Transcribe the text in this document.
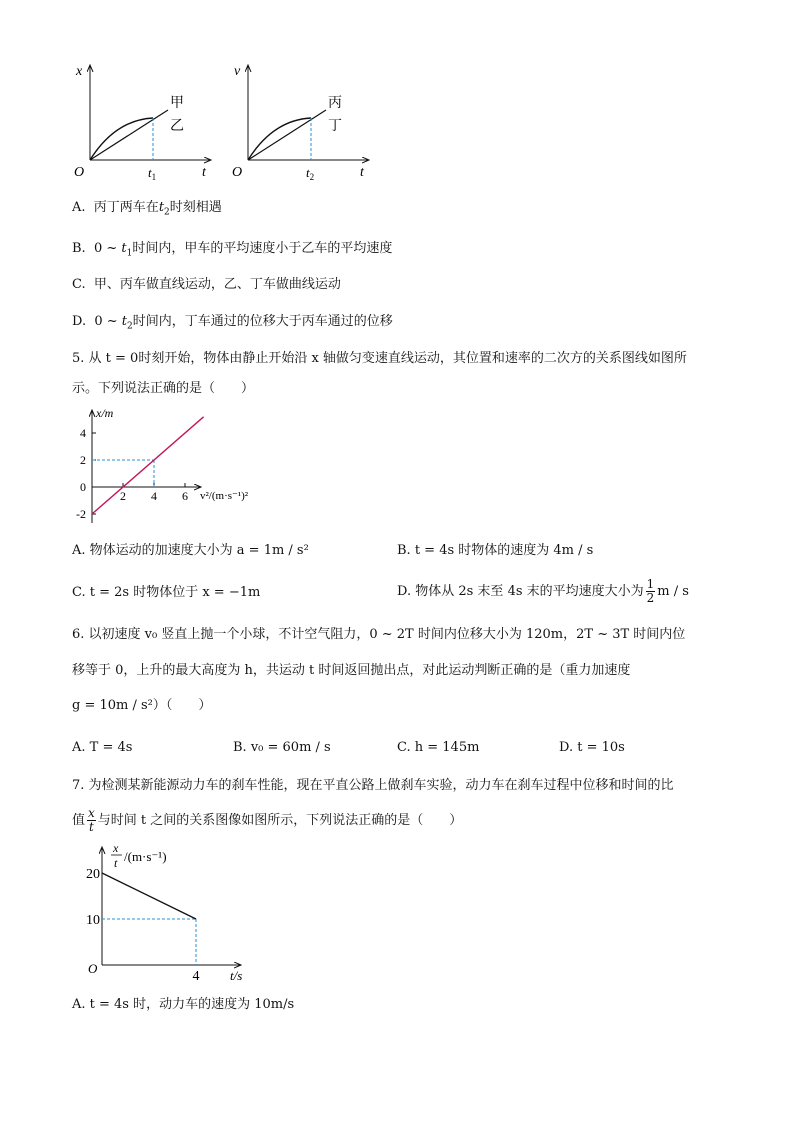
x
t
O
甲
乙
$t_1$
v
t
O
丙
丁
$t_2$
A. 丙丁两车在$t_2$时刻相遇
B. 0 ~ $t_1$时间内，甲车的平均速度小于乙车的平均速度
C. 甲、丙车做直线运动，乙、丁车做曲线运动
D. 0 ~ $t_2$时间内，丁车通过的位移大于丙车通过的位移
5. 从 t = 0时刻开始，物体由静止开始沿 x 轴做匀变速直线运动，其位置和速率的二次方的关系图线如图所
示。下列说法正确的是（　　）
4
2
0
-2
2 4 6
x/m
v²/(m·s⁻¹)²
A. 物体运动的加速度大小为 a = 1m / s²	B. t = 4s 时物体的速度为 4m / s
C. t = 2s 时物体位于 x = −1m	D. 物体从 2s 末至 4s 末的平均速度大小为 $\frac{1}{2}$ m / s
6. 以初速度 v₀ 竖直上抛一个小球，不计空气阻力，0 ~ 2T 时间内位移大小为 120m，2T ~ 3T 时间内位
移等于 0，上升的最大高度为 h，共运动 t 时间返回抛出点，对此运动判断正确的是（重力加速度
g = 10m / s²）（　　）
A. T = 4s	B. v₀ = 60m / s	C. h = 145m	D. t = 10s
7. 为检测某新能源动力车的刹车性能，现在平直公路上做刹车实验，动力车在刹车过程中位移和时间的比
值 $\frac{x}{t}$ 与时间 t 之间的关系图像如图所示，下列说法正确的是（　　）
20
10
4
x
t /(m·s⁻¹)
O	t/s
A. t = 4s 时，动力车的速度为 10m/s
